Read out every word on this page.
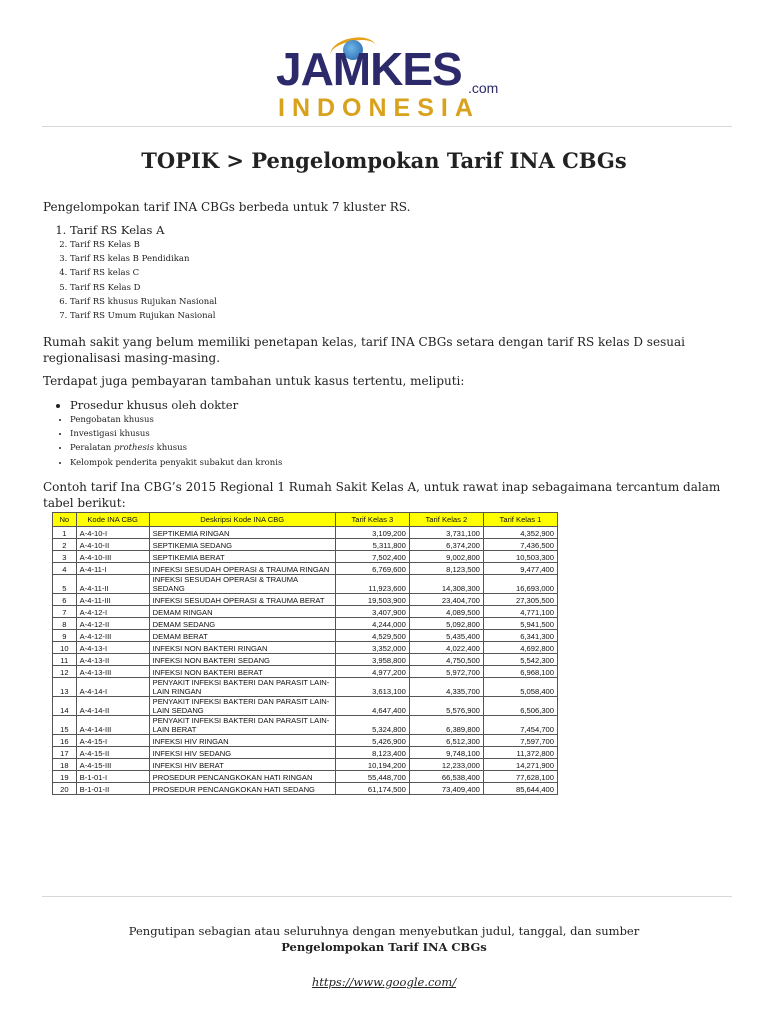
JAMKES .com
INDONESIA
TOPIK > Pengelompokan Tarif INA CBGs

Pengelompokan tarif INA CBGs berbeda untuk 7 kluster RS.

1. Tarif RS Kelas A
2. Tarif RS Kelas B
3. Tarif RS kelas B Pendidikan
4. Tarif RS kelas C
5. Tarif RS Kelas D
6. Tarif RS khusus Rujukan Nasional
7. Tarif RS Umum Rujukan Nasional

Rumah sakit yang belum memiliki penetapan kelas, tarif INA CBGs setara dengan tarif RS kelas D sesuai regionalisasi masing-masing.

Terdapat juga pembayaran tambahan untuk kasus tertentu, meliputi:

• Prosedur khusus oleh dokter
• Pengobatan khusus
• Investigasi khusus
• Peralatan prothesis khusus
• Kelompok penderita penyakit subakut dan kronis

Contoh tarif Ina CBG’s 2015 Regional 1 Rumah Sakit Kelas A, untuk rawat inap sebagaimana tercantum dalam tabel berikut:

No	Kode INA CBG	Deskripsi Kode INA CBG	Tarif Kelas 3	Tarif Kelas 2	Tarif Kelas 1
1	A-4-10-I	SEPTIKEMIA RINGAN	3,109,200	3,731,100	4,352,900
2	A-4-10-II	SEPTIKEMIA SEDANG	5,311,800	6,374,200	7,436,500
3	A-4-10-III	SEPTIKEMIA BERAT	7,502,400	9,002,800	10,503,300
4	A-4-11-I	INFEKSI SESUDAH OPERASI & TRAUMA RINGAN	6,769,600	8,123,500	9,477,400
5	A-4-11-II	INFEKSI SESUDAH OPERASI & TRAUMA SEDANG	11,923,600	14,308,300	16,693,000
6	A-4-11-III	INFEKSI SESUDAH OPERASI & TRAUMA BERAT	19,503,900	23,404,700	27,305,500
7	A-4-12-I	DEMAM RINGAN	3,407,900	4,089,500	4,771,100
8	A-4-12-II	DEMAM SEDANG	4,244,000	5,092,800	5,941,500
9	A-4-12-III	DEMAM BERAT	4,529,500	5,435,400	6,341,300
10	A-4-13-I	INFEKSI NON BAKTERI RINGAN	3,352,000	4,022,400	4,692,800
11	A-4-13-II	INFEKSI NON BAKTERI SEDANG	3,958,800	4,750,500	5,542,300
12	A-4-13-III	INFEKSI NON BAKTERI BERAT	4,977,200	5,972,700	6,968,100
13	A-4-14-I	PENYAKIT INFEKSI BAKTERI DAN PARASIT LAIN-LAIN RINGAN	3,613,100	4,335,700	5,058,400
14	A-4-14-II	PENYAKIT INFEKSI BAKTERI DAN PARASIT LAIN-LAIN SEDANG	4,647,400	5,576,900	6,506,300
15	A-4-14-III	PENYAKIT INFEKSI BAKTERI DAN PARASIT LAIN-LAIN BERAT	5,324,800	6,389,800	7,454,700
16	A-4-15-I	INFEKSI HIV RINGAN	5,426,900	6,512,300	7,597,700
17	A-4-15-II	INFEKSI HIV SEDANG	8,123,400	9,748,100	11,372,800
18	A-4-15-III	INFEKSI HIV BERAT	10,194,200	12,233,000	14,271,900
19	B-1-01-I	PROSEDUR PENCANGKOKAN HATI RINGAN	55,448,700	66,538,400	77,628,100
20	B-1-01-II	PROSEDUR PENCANGKOKAN HATI SEDANG	61,174,500	73,409,400	85,644,400
Pengutipan sebagian atau seluruhnya dengan menyebutkan judul, tanggal, dan sumber
Pengelompokan Tarif INA CBGs
https://www.google.com/
